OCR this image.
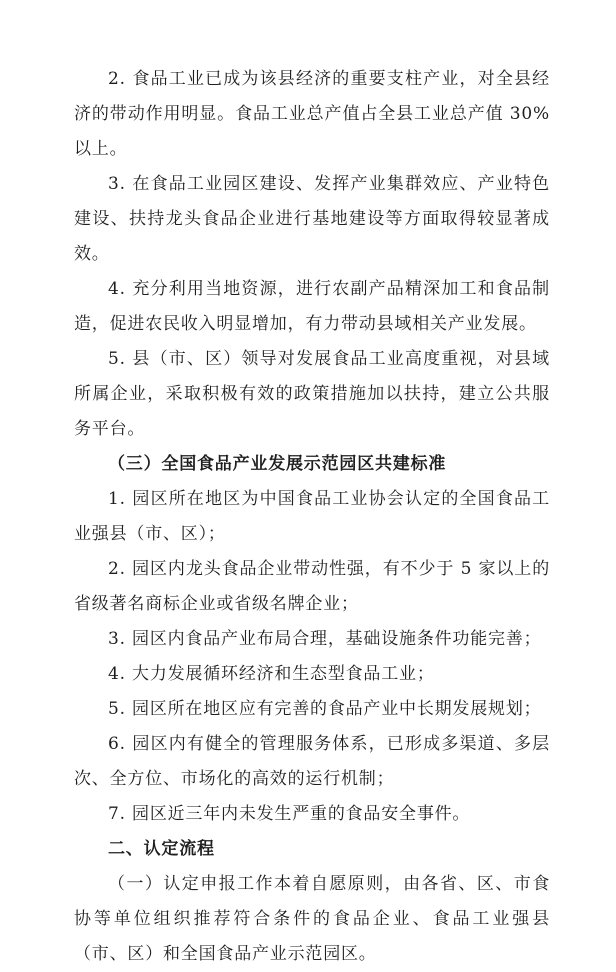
2. 食品工业已成为该县经济的重要支柱产业，对全县经济的带动作用明显。食品工业总产值占全县工业总产值 30% 以上。

3. 在食品工业园区建设、发挥产业集群效应、产业特色建设、扶持龙头食品企业进行基地建设等方面取得较显著成效。

4. 充分利用当地资源，进行农副产品精深加工和食品制造，促进农民收入明显增加，有力带动县域相关产业发展。

5. 县（市、区）领导对发展食品工业高度重视，对县域所属企业，采取积极有效的政策措施加以扶持，建立公共服务平台。

（三）全国食品产业发展示范园区共建标准

1. 园区所在地区为中国食品工业协会认定的全国食品工业强县（市、区）；

2. 园区内龙头食品企业带动性强，有不少于 5 家以上的省级著名商标企业或省级名牌企业；

3. 园区内食品产业布局合理，基础设施条件功能完善；

4. 大力发展循环经济和生态型食品工业；

5. 园区所在地区应有完善的食品产业中长期发展规划；

6. 园区内有健全的管理服务体系，已形成多渠道、多层次、全方位、市场化的高效的运行机制；

7. 园区近三年内未发生严重的食品安全事件。

二、认定流程

（一）认定申报工作本着自愿原则，由各省、区、市食协等单位组织推荐符合条件的食品企业、食品工业强县（市、区）和全国食品产业示范园区。
